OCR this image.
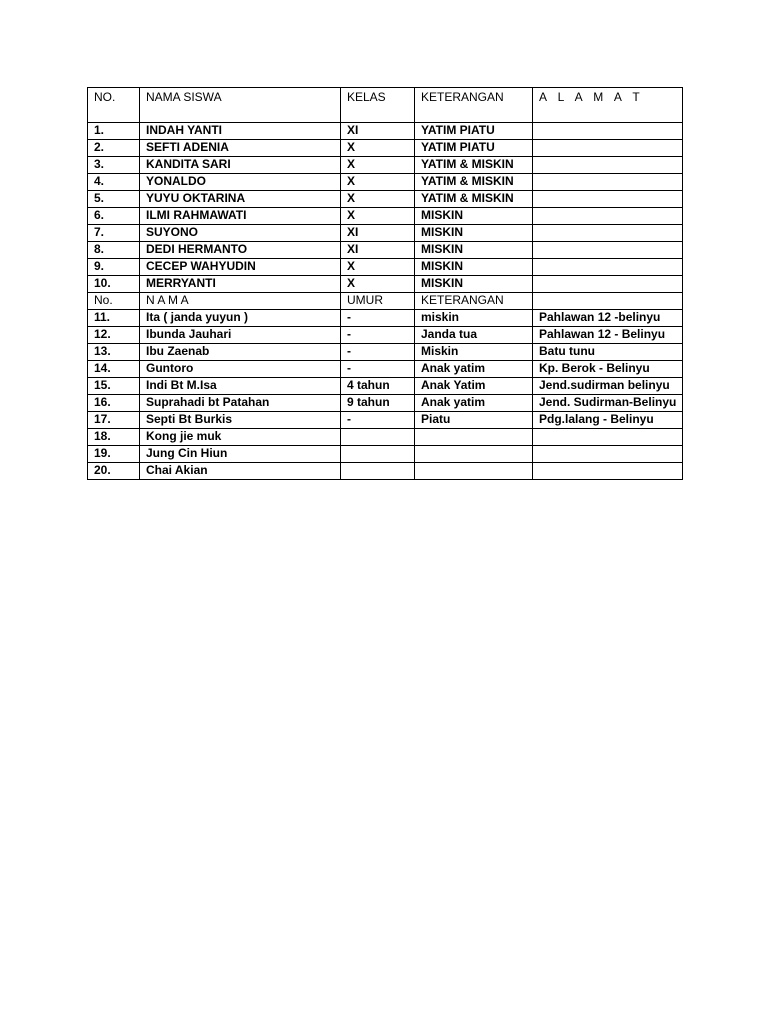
NO.	NAMA SISWA	KELAS	KETERANGAN	A L A M A T
1.	INDAH YANTI	XI	YATIM PIATU	
2.	SEFTI ADENIA	X	YATIM PIATU	
3.	KANDITA SARI	X	YATIM & MISKIN	
4.	YONALDO	X	YATIM & MISKIN	
5.	YUYU OKTARINA	X	YATIM & MISKIN	
6.	ILMI RAHMAWATI	X	MISKIN	
7.	SUYONO	XI	MISKIN	
8.	DEDI HERMANTO	XI	MISKIN	
9.	CECEP WAHYUDIN	X	MISKIN	
10.	MERRYANTI	X	MISKIN	
No.	N A M A	UMUR	KETERANGAN	
11.	Ita ( janda yuyun )	-	miskin	Pahlawan 12 -belinyu
12.	Ibunda Jauhari	-	Janda tua	Pahlawan 12 - Belinyu
13.	Ibu Zaenab	-	Miskin	Batu tunu
14.	Guntoro	-	Anak yatim	Kp. Berok - Belinyu
15.	Indi Bt M.Isa	4 tahun	Anak Yatim	Jend.sudirman belinyu
16.	Suprahadi bt Patahan	9 tahun	Anak yatim	Jend. Sudirman-Belinyu
17.	Septi Bt Burkis	-	Piatu	Pdg.lalang - Belinyu
18.	Kong jie muk			
19.	Jung Cin Hiun			
20.	Chai Akian			
